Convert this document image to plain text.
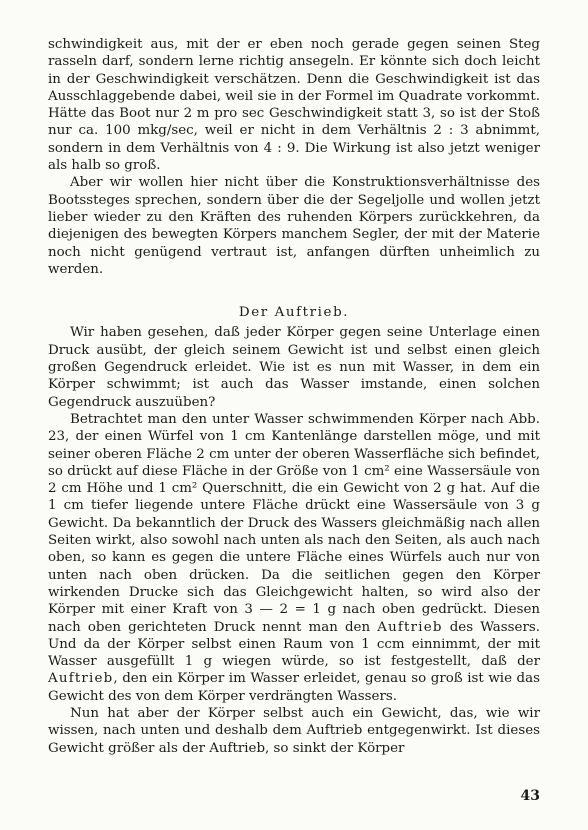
schwindigkeit aus, mit der er eben noch gerade gegen seinen Steg rasseln darf, sondern lerne richtig ansegeln. Er könnte sich doch leicht in der Geschwindigkeit verschätzen. Denn die Geschwindigkeit ist das Ausschlaggebende dabei, weil sie in der Formel im Quadrate vorkommt. Hätte das Boot nur 2 m pro sec Geschwindigkeit statt 3, so ist der Stoß nur ca. 100 mkg/sec, weil er nicht in dem Verhältnis 2 : 3 abnimmt, sondern in dem Verhältnis von 4 : 9. Die Wirkung ist also jetzt weniger als halb so groß.

Aber wir wollen hier nicht über die Konstruktionsverhältnisse des Bootssteges sprechen, sondern über die der Segeljolle und wollen jetzt lieber wieder zu den Kräften des ruhenden Körpers zurückkehren, da diejenigen des bewegten Körpers manchem Segler, der mit der Materie noch nicht genügend vertraut ist, anfangen dürften unheimlich zu werden.

Der Auftrieb.

Wir haben gesehen, daß jeder Körper gegen seine Unterlage einen Druck ausübt, der gleich seinem Gewicht ist und selbst einen gleich großen Gegendruck erleidet. Wie ist es nun mit Wasser, in dem ein Körper schwimmt; ist auch das Wasser imstande, einen solchen Gegendruck auszuüben?

Betrachtet man den unter Wasser schwimmenden Körper nach Abb. 23, der einen Würfel von 1 cm Kantenlänge darstellen möge, und mit seiner oberen Fläche 2 cm unter der oberen Wasserfläche sich befindet, so drückt auf diese Fläche in der Größe von 1 cm² eine Wassersäule von 2 cm Höhe und 1 cm² Querschnitt, die ein Gewicht von 2 g hat. Auf die 1 cm tiefer liegende untere Fläche drückt eine Wassersäule von 3 g Gewicht. Da bekanntlich der Druck des Wassers gleichmäßig nach allen Seiten wirkt, also sowohl nach unten als nach den Seiten, als auch nach oben, so kann es gegen die untere Fläche eines Würfels auch nur von unten nach oben drücken. Da die seitlichen gegen den Körper wirkenden Drucke sich das Gleichgewicht halten, so wird also der Körper mit einer Kraft von 3 — 2 = 1 g nach oben gedrückt. Diesen nach oben gerichteten Druck nennt man den Auftrieb des Wassers. Und da der Körper selbst einen Raum von 1 ccm einnimmt, der mit Wasser ausgefüllt 1 g wiegen würde, so ist festgestellt, daß der Auftrieb, den ein Körper im Wasser erleidet, genau so groß ist wie das Gewicht des von dem Körper verdrängten Wassers.

Nun hat aber der Körper selbst auch ein Gewicht, das, wie wir wissen, nach unten und deshalb dem Auftrieb entgegenwirkt. Ist dieses Gewicht größer als der Auftrieb, so sinkt der Körper

43
